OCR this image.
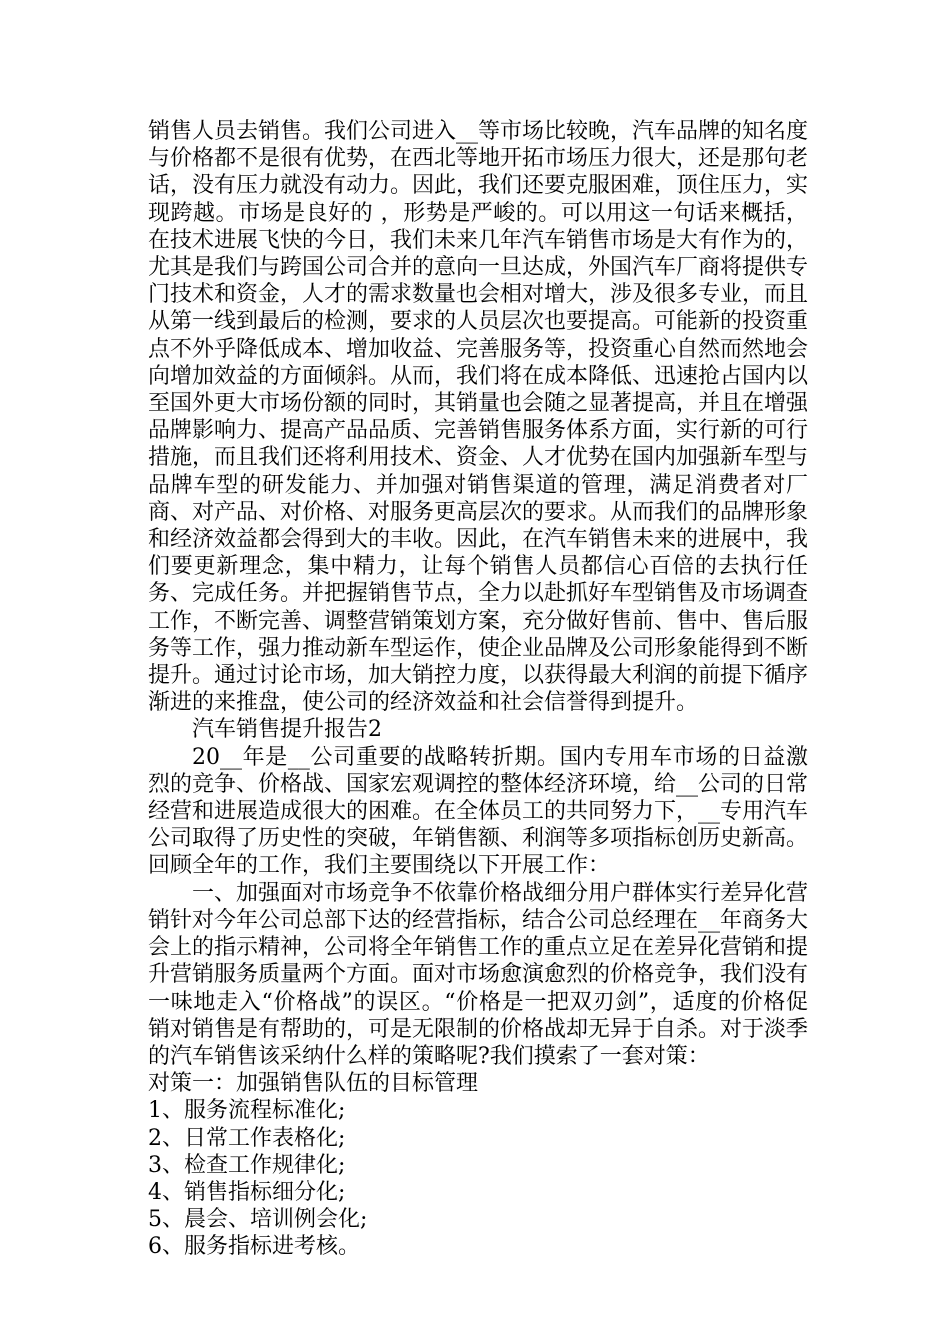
销售人员去销售。我们公司进入__等市场比较晚，汽车品牌的知名度与价格都不是很有优势，在西北等地开拓市场压力很大，还是那句老话，没有压力就没有动力。因此，我们还要克服困难，顶住压力，实现跨越。市场是良好的 ，形势是严峻的。可以用这一句话来概括，在技术进展飞快的今日，我们未来几年汽车销售市场是大有作为的，尤其是我们与跨国公司合并的意向一旦达成，外国汽车厂商将提供专门技术和资金，人才的需求数量也会相对增大，涉及很多专业，而且从第一线到最后的检测，要求的人员层次也要提高。可能新的投资重点不外乎降低成本、增加收益、完善服务等，投资重心自然而然地会向增加效益的方面倾斜。从而，我们将在成本降低、迅速抢占国内以至国外更大市场份额的同时，其销量也会随之显著提高，并且在增强品牌影响力、提高产品品质、完善销售服务体系方面，实行新的可行措施，而且我们还将利用技术、资金、人才优势在国内加强新车型与品牌车型的研发能力、并加强对销售渠道的管理，满足消费者对厂商、对产品、对价格、对服务更高层次的要求。从而我们的品牌形象和经济效益都会得到大的丰收。因此，在汽车销售未来的进展中，我们要更新理念，集中精力，让每个销售人员都信心百倍的去执行任务、完成任务。并把握销售节点，全力以赴抓好车型销售及市场调查工作，不断完善、调整营销策划方案，充分做好售前、售中、售后服务等工作，强力推动新车型运作，使企业品牌及公司形象能得到不断提升。通过讨论市场，加大销控力度，以获得最大利润的前提下循序渐进的来推盘，使公司的经济效益和社会信誉得到提升。

汽车销售提升报告2

20__年是__公司重要的战略转折期。国内专用车市场的日益激烈的竞争、价格战、国家宏观调控的整体经济环境，给__公司的日常经营和进展造成很大的困难。在全体员工的共同努力下，__专用汽车公司取得了历史性的突破，年销售额、利润等多项指标创历史新高。回顾全年的工作，我们主要围绕以下开展工作：

一、加强面对市场竞争不依靠价格战细分用户群体实行差异化营销针对今年公司总部下达的经营指标，结合公司总经理在__年商务大会上的指示精神，公司将全年销售工作的重点立足在差异化营销和提升营销服务质量两个方面。面对市场愈演愈烈的价格竞争，我们没有一味地走入“价格战”的误区。“价格是一把双刃剑”，适度的价格促销对销售是有帮助的，可是无限制的价格战却无异于自杀。对于淡季的汽车销售该采纳什么样的策略呢?我们摸索了一套对策：

对策一：加强销售队伍的目标管理

1、服务流程标准化;

2、日常工作表格化;

3、检查工作规律化;

4、销售指标细分化;

5、晨会、培训例会化;

6、服务指标进考核。
